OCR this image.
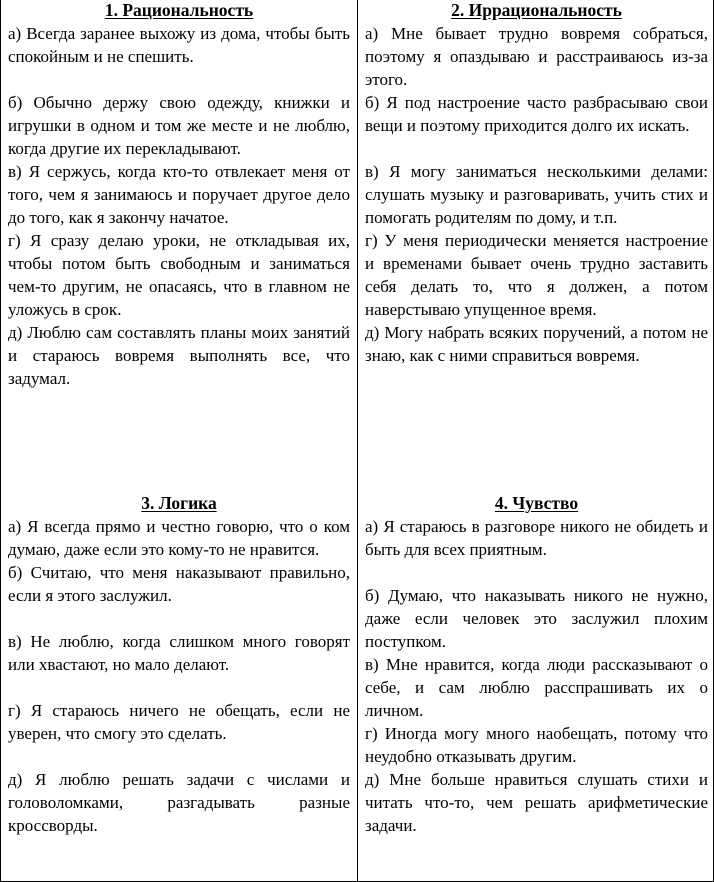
1. Рациональность

а) Всегда заранее выхожу из дома, чтобы быть спокойным и не спешить.

б) Обычно держу свою одежду, книжки и игрушки в одном и том же месте и не люблю, когда другие их перекладывают.

в) Я сержусь, когда кто-то отвлекает меня от того, чем я занимаюсь и поручает другое дело до того, как я закончу начатое.

г) Я сразу делаю уроки, не откладывая их, чтобы потом быть свободным и заниматься чем-то другим, не опасаясь, что в главном не уложусь в срок.

д) Люблю сам составлять планы моих занятий и стараюсь вовремя выполнять все, что задумал.

2. Иррациональность

а) Мне бывает трудно вовремя собраться, поэтому я опаздываю и расстраиваюсь из-за этого.

б) Я под настроение часто разбрасываю свои вещи и поэтому приходится долго их искать.

в) Я могу заниматься несколькими делами: слушать музыку и разговаривать, учить стих и помогать родителям по дому, и т.п.

г) У меня периодически меняется настроение и временами бывает очень трудно заставить себя делать то, что я должен, а потом наверстываю упущенное время.

д) Могу набрать всяких поручений, а потом не знаю, как с ними справиться вовремя.

3. Логика

а) Я всегда прямо и честно говорю, что о ком думаю, даже если это кому-то не нравится.

б) Считаю, что меня наказывают правильно, если я этого заслужил.

в) Не люблю, когда слишком много говорят или хвастают, но мало делают.

г) Я стараюсь ничего не обещать, если не уверен, что смогу это сделать.

д) Я люблю решать задачи с числами и головоломками, разгадывать разные кроссворды.

4. Чувство

а) Я стараюсь в разговоре никого не обидеть и быть для всех приятным.

б) Думаю, что наказывать никого не нужно, даже если человек это заслужил плохим поступком.

в) Мне нравится, когда люди рассказывают о себе, и сам люблю расспрашивать их о личном.

г) Иногда могу много наобещать, потому что неудобно отказывать другим.

д) Мне больше нравиться слушать стихи и читать что-то, чем решать арифметические задачи.
